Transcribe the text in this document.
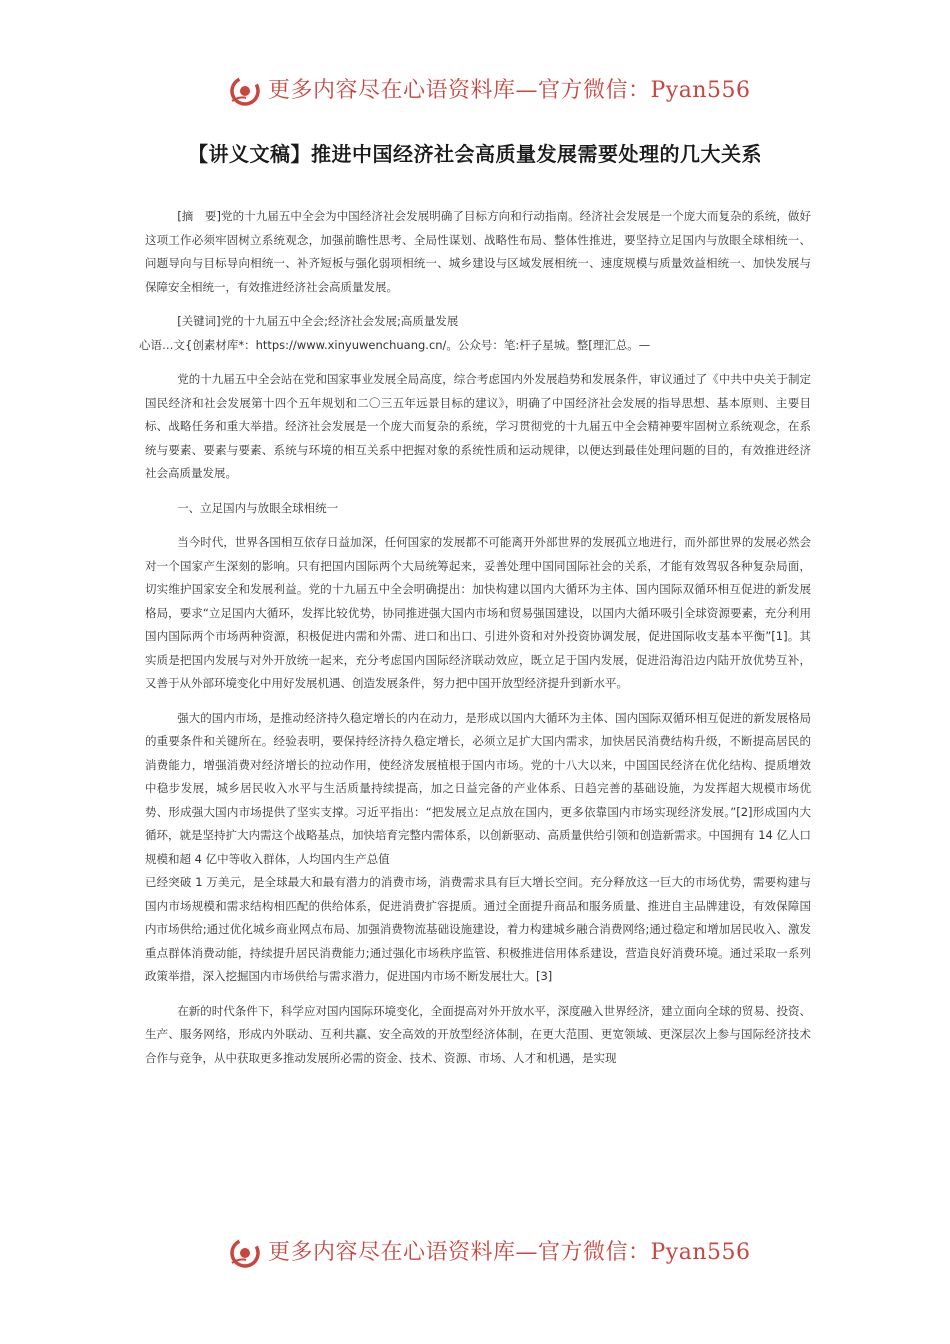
更多内容尽在心语资料库—官方微信：Pyan556
【讲义文稿】推进中国经济社会高质量发展需要处理的几大关系

[摘　要]党的十九届五中全会为中国经济社会发展明确了目标方向和行动指南。经济社会发展是一个庞大而复杂的系统，做好这项工作必须牢固树立系统观念，加强前瞻性思考、全局性谋划、战略性布局、整体性推进，要坚持立足国内与放眼全球相统一、问题导向与目标导向相统一、补齐短板与强化弱项相统一、城乡建设与区域发展相统一、速度规模与质量效益相统一、加快发展与保障安全相统一，有效推进经济社会高质量发展。

[关键词]党的十九届五中全会;经济社会发展;高质量发展

心语…文{创素材库*：https://www.xinyuwenchuang.cn/。公众号：笔:杆子星城。整[理汇总。—

党的十九届五中全会站在党和国家事业发展全局高度，综合考虑国内外发展趋势和发展条件，审议通过了《中共中央关于制定国民经济和社会发展第十四个五年规划和二〇三五年远景目标的建议》，明确了中国经济社会发展的指导思想、基本原则、主要目标、战略任务和重大举措。经济社会发展是一个庞大而复杂的系统，学习贯彻党的十九届五中全会精神要牢固树立系统观念，在系统与要素、要素与要素、系统与环境的相互关系中把握对象的系统性质和运动规律，以便达到最佳处理问题的目的，有效推进经济社会高质量发展。

一、立足国内与放眼全球相统一

当今时代，世界各国相互依存日益加深，任何国家的发展都不可能离开外部世界的发展孤立地进行，而外部世界的发展必然会对一个国家产生深刻的影响。只有把国内国际两个大局统筹起来，妥善处理中国同国际社会的关系，才能有效驾驭各种复杂局面，切实维护国家安全和发展利益。党的十九届五中全会明确提出：加快构建以国内大循环为主体、国内国际双循环相互促进的新发展格局，要求“立足国内大循环，发挥比较优势，协同推进强大国内市场和贸易强国建设，以国内大循环吸引全球资源要素，充分利用国内国际两个市场两种资源，积极促进内需和外需、进口和出口、引进外资和对外投资协调发展，促进国际收支基本平衡”[1]。其实质是把国内发展与对外开放统一起来，充分考虑国内国际经济联动效应，既立足于国内发展，促进沿海沿边内陆开放优势互补，又善于从外部环境变化中用好发展机遇、创造发展条件，努力把中国开放型经济提升到新水平。

强大的国内市场，是推动经济持久稳定增长的内在动力，是形成以国内大循环为主体、国内国际双循环相互促进的新发展格局的重要条件和关键所在。经验表明，要保持经济持久稳定增长，必须立足扩大国内需求，加快居民消费结构升级，不断提高居民的消费能力，增强消费对经济增长的拉动作用，使经济发展植根于国内市场。党的十八大以来，中国国民经济在优化结构、提质增效中稳步发展，城乡居民收入水平与生活质量持续提高，加之日益完备的产业体系、日趋完善的基础设施，为发挥超大规模市场优势、形成强大国内市场提供了坚实支撑。习近平指出：“把发展立足点放在国内，更多依靠国内市场实现经济发展。”[2]形成国内大循环，就是坚持扩大内需这个战略基点，加快培育完整内需体系，以创新驱动、高质量供给引领和创造新需求。中国拥有 14 亿人口规模和超 4 亿中等收入群体，人均国内生产总值

已经突破 1 万美元，是全球最大和最有潜力的消费市场，消费需求具有巨大增长空间。充分释放这一巨大的市场优势，需要构建与国内市场规模和需求结构相匹配的供给体系，促进消费扩容提质。通过全面提升商品和服务质量、推进自主品牌建设，有效保障国内市场供给;通过优化城乡商业网点布局、加强消费物流基础设施建设，着力构建城乡融合消费网络;通过稳定和增加居民收入、激发重点群体消费动能，持续提升居民消费能力;通过强化市场秩序监管、积极推进信用体系建设，营造良好消费环境。通过采取一系列政策举措，深入挖掘国内市场供给与需求潜力，促进国内市场不断发展壮大。[3]

在新的时代条件下，科学应对国内国际环境变化，全面提高对外开放水平，深度融入世界经济，建立面向全球的贸易、投资、生产、服务网络，形成内外联动、互利共赢、安全高效的开放型经济体制，在更大范围、更宽领域、更深层次上参与国际经济技术合作与竞争，从中获取更多推动发展所必需的资金、技术、资源、市场、人才和机遇，是实现

更多内容尽在心语资料库—官方微信：Pyan556
